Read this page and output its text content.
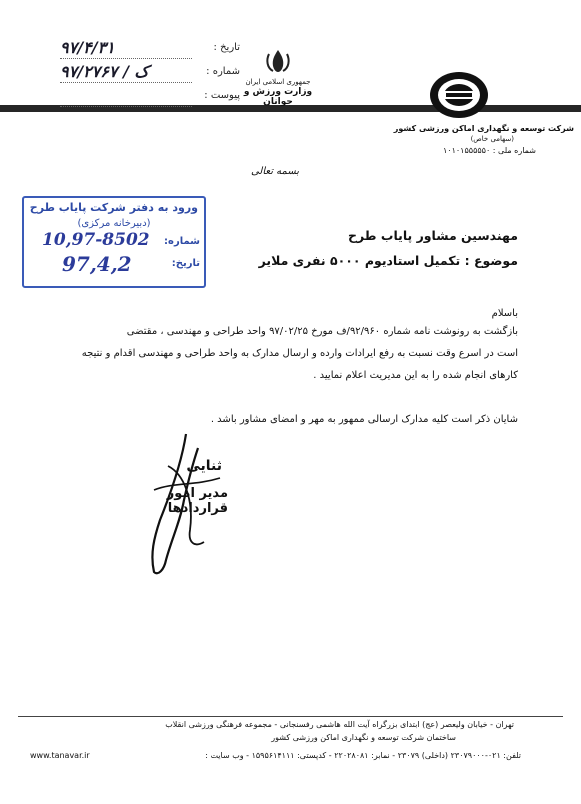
تاریخ :
۹۷/۴/۳۱
شماره :
۹۷/۲۷۶۷ / ک
پیوست :
جمهوری اسلامی ایران
وزارت ورزش و جوانان
شرکت توسعه و نگهداری اماکن ورزشی کشور
(سهامی خاص)
شماره ملی : ۱۰۱۰۱۵۵۵۵۵۰
بسمه تعالی
ورود به دفتر شرکت پایاب طرح
(دبیرخانه مرکزی)
شماره:
تاریخ:
10,97-8502
97,4,2
مهندسین مشاور پایاب طرح
موضوع : تکمیل استادیوم ۵۰۰۰ نفری ملایر
باسلام
بازگشت به رونوشت نامه شماره ۹۲/۹۶۰/ف مورخ ۹۷/۰۲/۲۵ واحد طراحی و مهندسی ، مقتضی
است در اسرع وقت نسبت به رفع ایرادات وارده و ارسال مدارک به واحد طراحی و مهندسی اقدام و نتیجه
کارهای انجام شده را به این مدیریت اعلام نمایید .
شایان ذکر است کلیه مدارک ارسالی ممهور به مهر و امضای مشاور باشد .
ثنایی
مدیر امور قراردادها
تهران - خیابان ولیعصر (عج) ابتدای بزرگراه آیت الله هاشمی رفسنجانی - مجموعه فرهنگی ورزشی انقلاب
ساختمان شرکت توسعه و نگهداری اماکن ورزشی کشور
تلفن: ۰۲۱-۲۳۰۷۹۰۰۰ (داخلی) ۲۳۰۷۹ - نمابر: ۲۲۰۲۸۰۸۱ - کدپستی: ۱۵۹۵۶۱۴۱۱۱ - وب سایت :
www.tanavar.ir
